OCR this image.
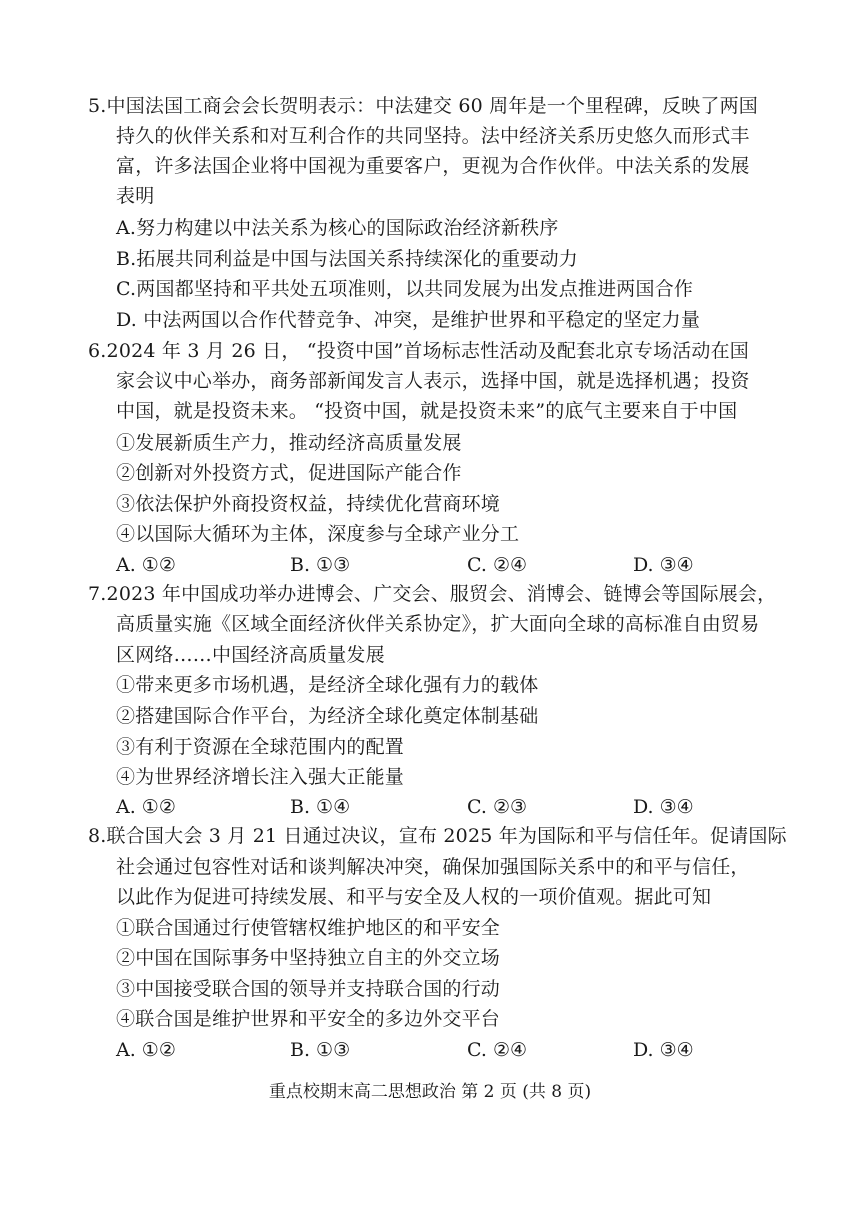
5.中国法国工商会会长贺明表示：中法建交 60 周年是一个里程碑，反映了两国
持久的伙伴关系和对互利合作的共同坚持。法中经济关系历史悠久而形式丰
富，许多法国企业将中国视为重要客户，更视为合作伙伴。中法关系的发展
表明
A.努力构建以中法关系为核心的国际政治经济新秩序
B.拓展共同利益是中国与法国关系持续深化的重要动力
C.两国都坚持和平共处五项准则，以共同发展为出发点推进两国合作
D. 中法两国以合作代替竞争、冲突，是维护世界和平稳定的坚定力量
6.2024 年 3 月 26 日， “投资中国”首场标志性活动及配套北京专场活动在国
家会议中心举办，商务部新闻发言人表示，选择中国，就是选择机遇；投资
中国，就是投资未来。 “投资中国，就是投资未来”的底气主要来自于中国
①发展新质生产力，推动经济高质量发展
②创新对外投资方式，促进国际产能合作
③依法保护外商投资权益，持续优化营商环境
④以国际大循环为主体，深度参与全球产业分工
A. ①②	B. ①③	C. ②④	D. ③④
7.2023 年中国成功举办进博会、广交会、服贸会、消博会、链博会等国际展会，
高质量实施《区域全面经济伙伴关系协定》，扩大面向全球的高标准自由贸易
区网络……中国经济高质量发展
①带来更多市场机遇，是经济全球化强有力的载体
②搭建国际合作平台，为经济全球化奠定体制基础
③有利于资源在全球范围内的配置
④为世界经济增长注入强大正能量
A. ①②	B. ①④	C. ②③	D. ③④
8.联合国大会 3 月 21 日通过决议，宣布 2025 年为国际和平与信任年。促请国际
社会通过包容性对话和谈判解决冲突，确保加强国际关系中的和平与信任，
以此作为促进可持续发展、和平与安全及人权的一项价值观。据此可知
①联合国通过行使管辖权维护地区的和平安全
②中国在国际事务中坚持独立自主的外交立场
③中国接受联合国的领导并支持联合国的行动
④联合国是维护世界和平安全的多边外交平台
A. ①②	B. ①③	C. ②④	D. ③④
重点校期末高二思想政治 第 2 页 (共 8 页)
